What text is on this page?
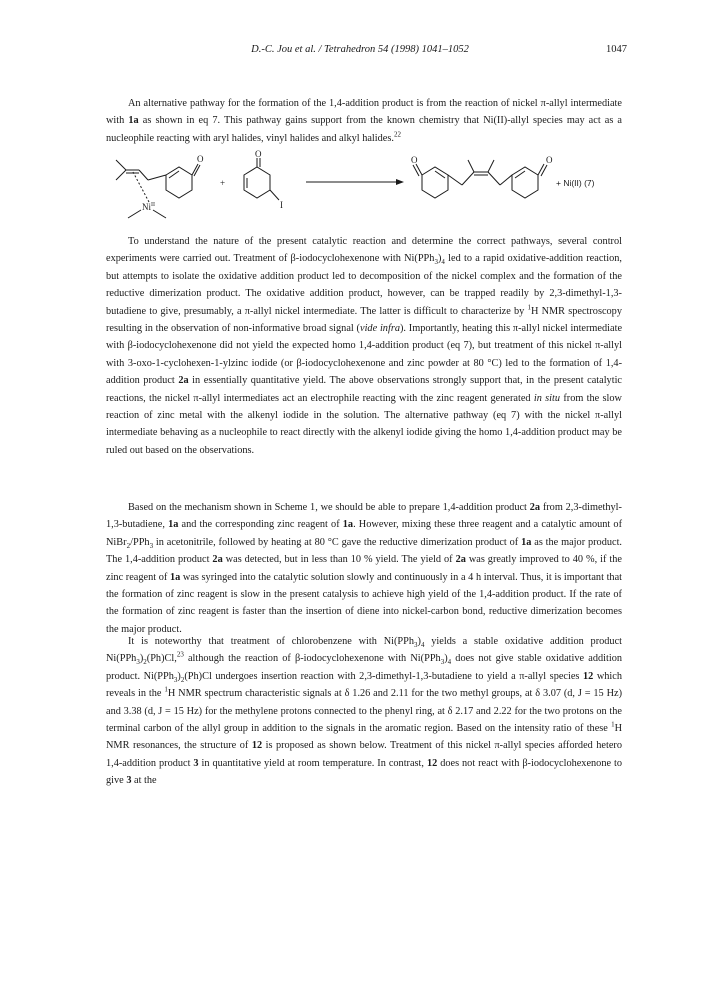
D.-C. Jou et al. / Tetrahedron 54 (1998) 1041–1052	1047

An alternative pathway for the formation of the 1,4-addition product is from the reaction of nickel π-allyl intermediate with 1a as shown in eq 7. This pathway gains support from the known chemistry that Ni(II)-allyl species may act as a nucleophile reacting with aryl halides, vinyl halides and alkyl halides.$^{22}$

$Ni^{II}$
O
+
O
I
O	O
+ Ni(II) (7)

To understand the nature of the present catalytic reaction and determine the correct pathways, several control experiments were carried out. Treatment of β-iodocyclohexenone with $Ni(PPh_3)_4$ led to a rapid oxidative-addition reaction, but attempts to isolate the oxidative addition product led to decomposition of the nickel complex and the formation of the reductive dimerization product. The oxidative addition product, however, can be trapped readily by 2,3-dimethyl-1,3-butadiene to give, presumably, a π-allyl nickel intermediate. The latter is difficult to characterize by $^1$H NMR spectroscopy resulting in the observation of non-informative broad signal (vide infra). Importantly, heating this π-allyl nickel intermediate with β-iodocyclohexenone did not yield the expected homo 1,4-addition product (eq 7), but treatment of this nickel π-allyl with 3-oxo-1-cyclohexen-1-ylzinc iodide (or β-iodocyclohexenone and zinc powder at 80 °C) led to the formation of 1,4-addition product 2a in essentially quantitative yield. The above observations strongly support that, in the present catalytic reactions, the nickel π-allyl intermediates act an electrophile reacting with the zinc reagent generated in situ from the slow reaction of zinc metal with the alkenyl iodide in the solution. The alternative pathway (eq 7) with the nickel π-allyl intermediate behaving as a nucleophile to react directly with the alkenyl iodide giving the homo 1,4-addition product may be ruled out based on the observations.

Based on the mechanism shown in Scheme 1, we should be able to prepare 1,4-addition product 2a from 2,3-dimethyl-1,3-butadiene, 1a and the corresponding zinc reagent of 1a. However, mixing these three reagent and a catalytic amount of NiBr$_2$/PPh$_3$ in acetonitrile, followed by heating at 80 °C gave the reductive dimerization product of 1a as the major product. The 1,4-addition product 2a was detected, but in less than 10 % yield. The yield of 2a was greatly improved to 40 %, if the zinc reagent of 1a was syringed into the catalytic solution slowly and continuously in a 4 h interval. Thus, it is important that the formation of zinc reagent is slow in the present catalysis to achieve high yield of the 1,4-addition product. If the rate of the formation of zinc reagent is faster than the insertion of diene into nickel-carbon bond, reductive dimerization becomes the major product.

It is noteworthy that treatment of chlorobenzene with $Ni(PPh_3)_4$ yields a stable oxidative addition product $Ni(PPh_3)_2(Ph)Cl,^{23}$ although the reaction of β-iodocyclohexenone with $Ni(PPh_3)_4$ does not give stable oxidative addition product. $Ni(PPh_3)_2(Ph)Cl$ undergoes insertion reaction with 2,3-dimethyl-1,3-butadiene to yield a π-allyl species 12 which reveals in the $^1$H NMR spectrum characteristic signals at δ 1.26 and 2.11 for the two methyl groups, at δ 3.07 (d, J = 15 Hz) and 3.38 (d, J = 15 Hz) for the methylene protons connected to the phenyl ring, at δ 2.17 and 2.22 for the two protons on the terminal carbon of the allyl group in addition to the signals in the aromatic region. Based on the intensity ratio of these $^1$H NMR resonances, the structure of 12 is proposed as shown below. Treatment of this nickel π-allyl species afforded hetero 1,4-addition product 3 in quantitative yield at room temperature. In contrast, 12 does not react with β-iodocyclohexenone to give 3 at the
